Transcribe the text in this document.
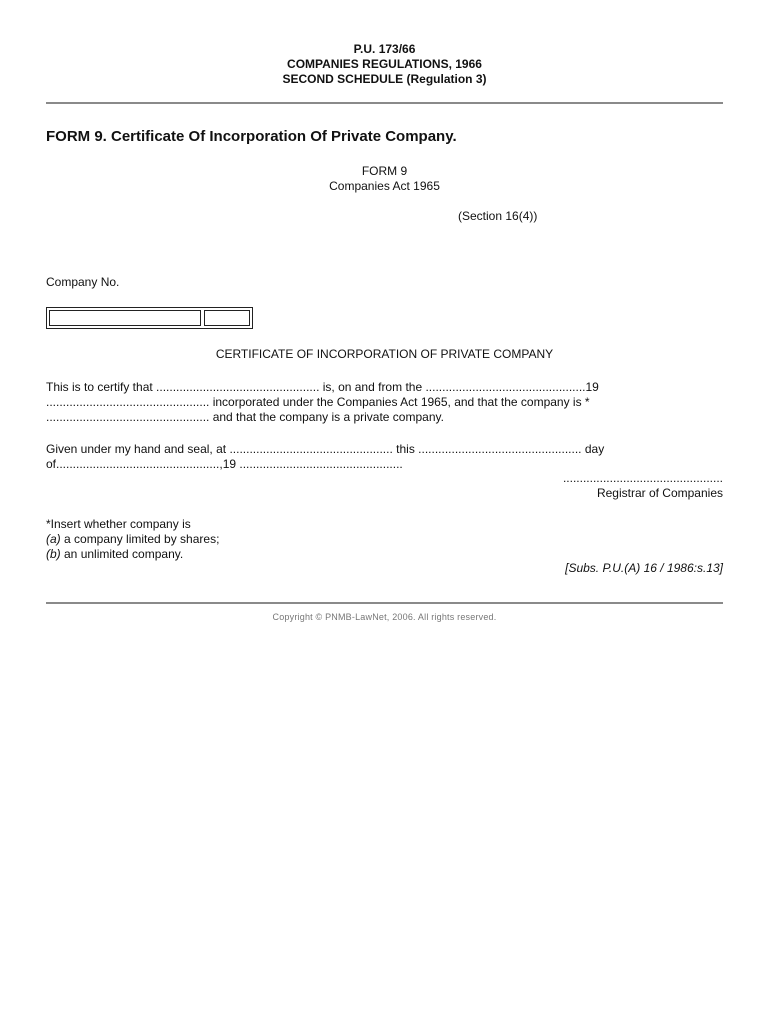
P.U. 173/66
COMPANIES REGULATIONS, 1966
SECOND SCHEDULE (Regulation 3)
FORM 9. Certificate Of Incorporation Of Private Company.
FORM 9
Companies Act 1965
(Section 16(4))
Company No.
CERTIFICATE OF INCORPORATION OF PRIVATE COMPANY
This is to certify that ................................................. is, on and from the ................................................19
................................................. incorporated under the Companies Act 1965, and that the company is *
................................................. and that the company is a private company.
Given under my hand and seal, at ................................................. this ................................................. day
of.................................................,19 .................................................
................................................
Registrar of Companies
*Insert whether company is
(a) a company limited by shares;
(b) an unlimited company.
[Subs. P.U.(A) 16 / 1986:s.13]
Copyright © PNMB-LawNet, 2006. All rights reserved.
